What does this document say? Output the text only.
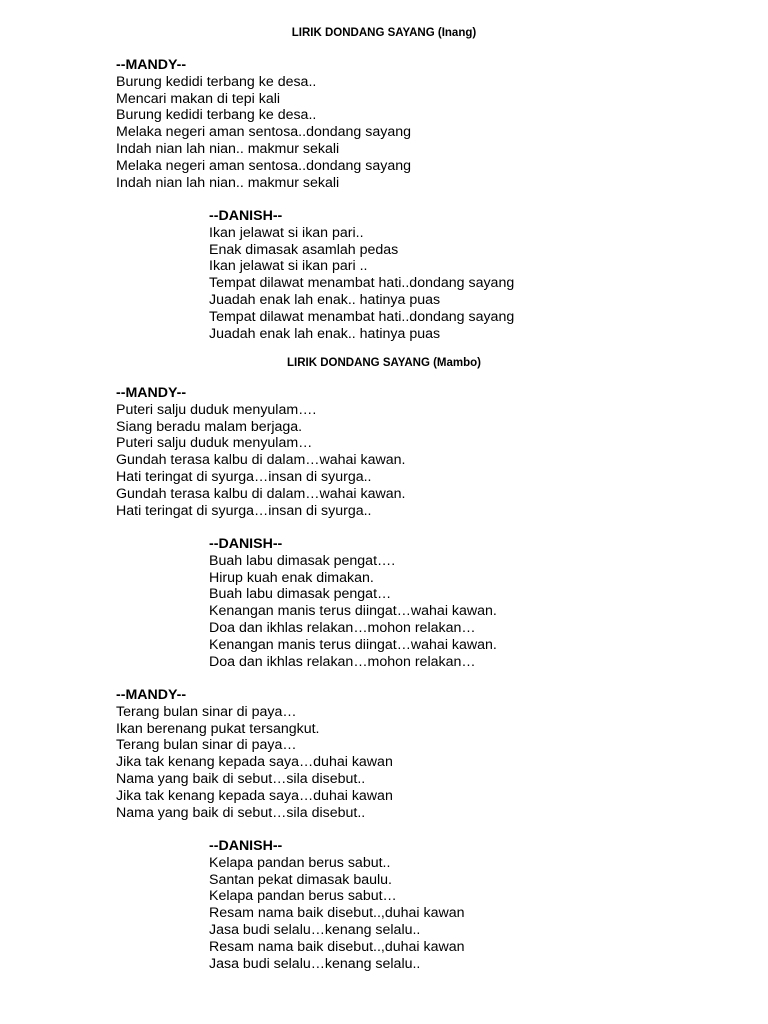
LIRIK DONDANG SAYANG (Inang)
--MANDY--
Burung kedidi terbang ke desa..
Mencari makan di tepi kali
Burung kedidi terbang ke desa..
Melaka negeri aman sentosa..dondang sayang
Indah nian lah nian.. makmur sekali
Melaka negeri aman sentosa..dondang sayang
Indah nian lah nian.. makmur sekali
--DANISH--
Ikan jelawat si ikan pari..
Enak dimasak asamlah pedas
Ikan jelawat si ikan pari ..
Tempat dilawat menambat hati..dondang sayang
Juadah enak lah enak.. hatinya puas
Tempat dilawat menambat hati..dondang sayang
Juadah enak lah enak.. hatinya puas
LIRIK DONDANG SAYANG (Mambo)
--MANDY--
Puteri salju duduk menyulam….
Siang beradu malam berjaga.
Puteri salju duduk menyulam…
Gundah terasa kalbu di dalam…wahai kawan.
Hati teringat di syurga…insan di syurga..
Gundah terasa kalbu di dalam…wahai kawan.
Hati teringat di syurga…insan di syurga..
--DANISH--
Buah labu dimasak pengat….
Hirup kuah enak dimakan.
Buah labu dimasak pengat…
Kenangan manis terus diingat…wahai kawan.
Doa dan ikhlas relakan…mohon relakan…
Kenangan manis terus diingat…wahai kawan.
Doa dan ikhlas relakan…mohon relakan…
--MANDY--
Terang bulan sinar di paya…
Ikan berenang pukat tersangkut.
Terang bulan sinar di paya…
Jika tak kenang kepada saya…duhai kawan
Nama yang baik di sebut…sila disebut..
Jika tak kenang kepada saya…duhai kawan
Nama yang baik di sebut…sila disebut..
--DANISH--
Kelapa pandan berus sabut..
Santan pekat dimasak baulu.
Kelapa pandan berus sabut…
Resam nama baik disebut..,duhai kawan
Jasa budi selalu…kenang selalu..
Resam nama baik disebut..,duhai kawan
Jasa budi selalu…kenang selalu..
